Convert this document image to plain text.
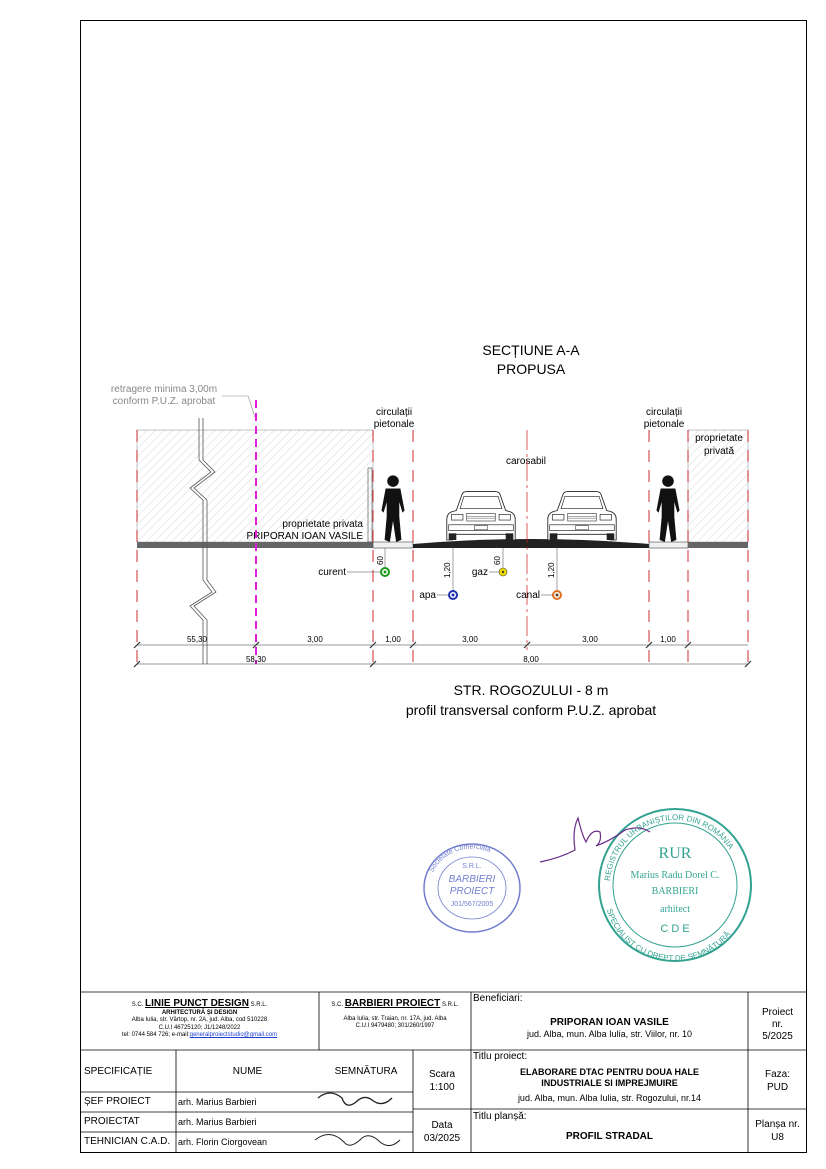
SECȚIUNE A-A
PROPUSA
retragere minima 3,00m
conform P.U.Z. aprobat
circulații
pietonale
circulații
pietonale
proprietate
privată
carosabil
proprietate privata
PRIPORAN IOAN VASILE
60
1,20
60
1,20
curent
apa
gaz
canal
55,30	3,00	1,00	3,00	3,00	1,00
58,30	8,00
STR. ROGOZULUI - 8 m
profil transversal conform P.U.Z. aprobat
Societate Comercială
S.R.L.
BARBIERI
PROIECT
J01/567/2005
REGISTRUL URBANIȘTILOR DIN ROMÂNIA
SPECIALIST CU DREPT DE SEMNĂTURĂ
RUR
Marius Radu Dorel C.
BARBIERI
arhitect
C D E
S.C. LINIE PUNCT DESIGN S.R.L.
ARHITECTURĂ ȘI DESIGN
Alba Iulia, str. Vârtop, nr. 2A, jud. Alba, cod 510228
C.U.I 46725120; J1/1248/2022
tel: 0744 584 726; e-mail:generalproiectstudio@gmail.com
S.C. BARBIERI PROIECT S.R.L.
Alba Iulia, str. Traian, nr. 17A, jud. Alba
C.U.I 9479480; 301/260/1997
Beneficiari:
PRIPORAN IOAN VASILE
jud. Alba, mun. Alba Iulia, str. Viilor, nr. 10
Proiect
nr.
5/2025
SPECIFICAȚIE	NUME	SEMNĂTURA	Scara
1:100
Titlu proiect:
ELABORARE DTAC PENTRU DOUA HALE
INDUSTRIALE SI IMPREJMUIRE
jud. Alba, mun. Alba Iulia, str. Rogozului, nr.14
Faza:
PUD
ȘEF PROIECT	arh. Marius Barbieri
PROIECTAT	arh. Marius Barbieri
TEHNICIAN C.A.D. arh. Florin Ciorgovean
Data
03/2025
Titlu planșă:
PROFIL STRADAL
Planșa nr.
U8
